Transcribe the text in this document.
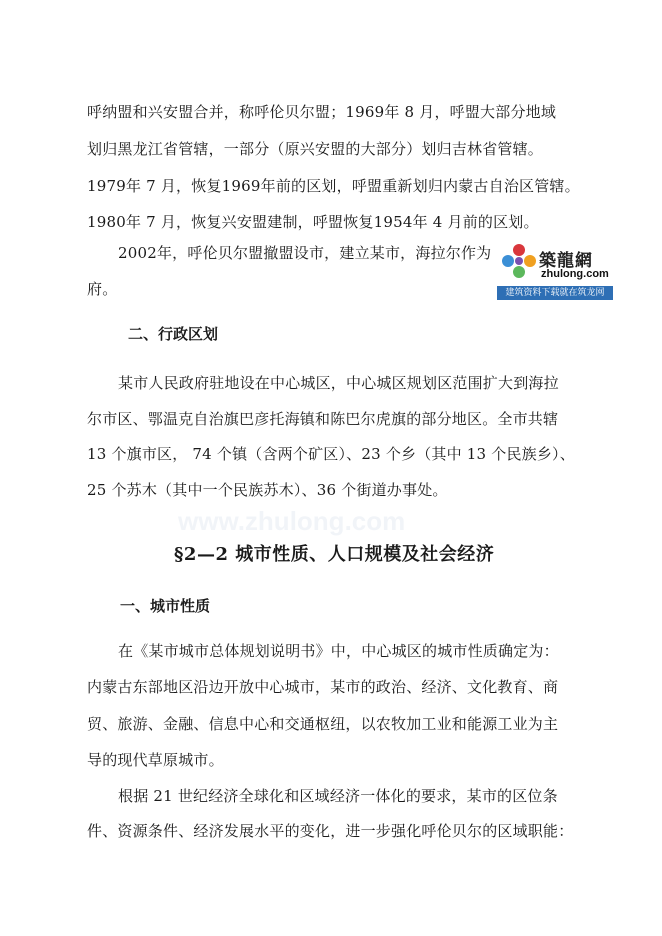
www.zhulong.com
呼纳盟和兴安盟合并，称呼伦贝尔盟；1969年 8 月，呼盟大部分地域
划归黑龙江省管辖，一部分（原兴安盟的大部分）划归吉林省管辖。
1979年 7 月，恢复1969年前的区划，呼盟重新划归内蒙古自治区管辖。
1980年 7 月，恢复兴安盟建制，呼盟恢复1954年 4 月前的区划。
2002年，呼伦贝尔盟撤盟设市，建立某市，海拉尔作为
府。
築龍網
zhulong.com
建筑资料下载就在筑龙网
二、行政区划
某市人民政府驻地设在中心城区，中心城区规划区范围扩大到海拉
尔市区、鄂温克自治旗巴彦托海镇和陈巴尔虎旗的部分地区。全市共辖
13 个旗市区， 74 个镇（含两个矿区）、23 个乡（其中 13 个民族乡）、
25 个苏木（其中一个民族苏木）、36 个街道办事处。
§2—2 城市性质、人口规模及社会经济
一、城市性质
在《某市城市总体规划说明书》中，中心城区的城市性质确定为：
内蒙古东部地区沿边开放中心城市，某市的政治、经济、文化教育、商
贸、旅游、金融、信息中心和交通枢纽，以农牧加工业和能源工业为主
导的现代草原城市。
根据 21 世纪经济全球化和区域经济一体化的要求，某市的区位条
件、资源条件、经济发展水平的变化，进一步强化呼伦贝尔的区域职能：
